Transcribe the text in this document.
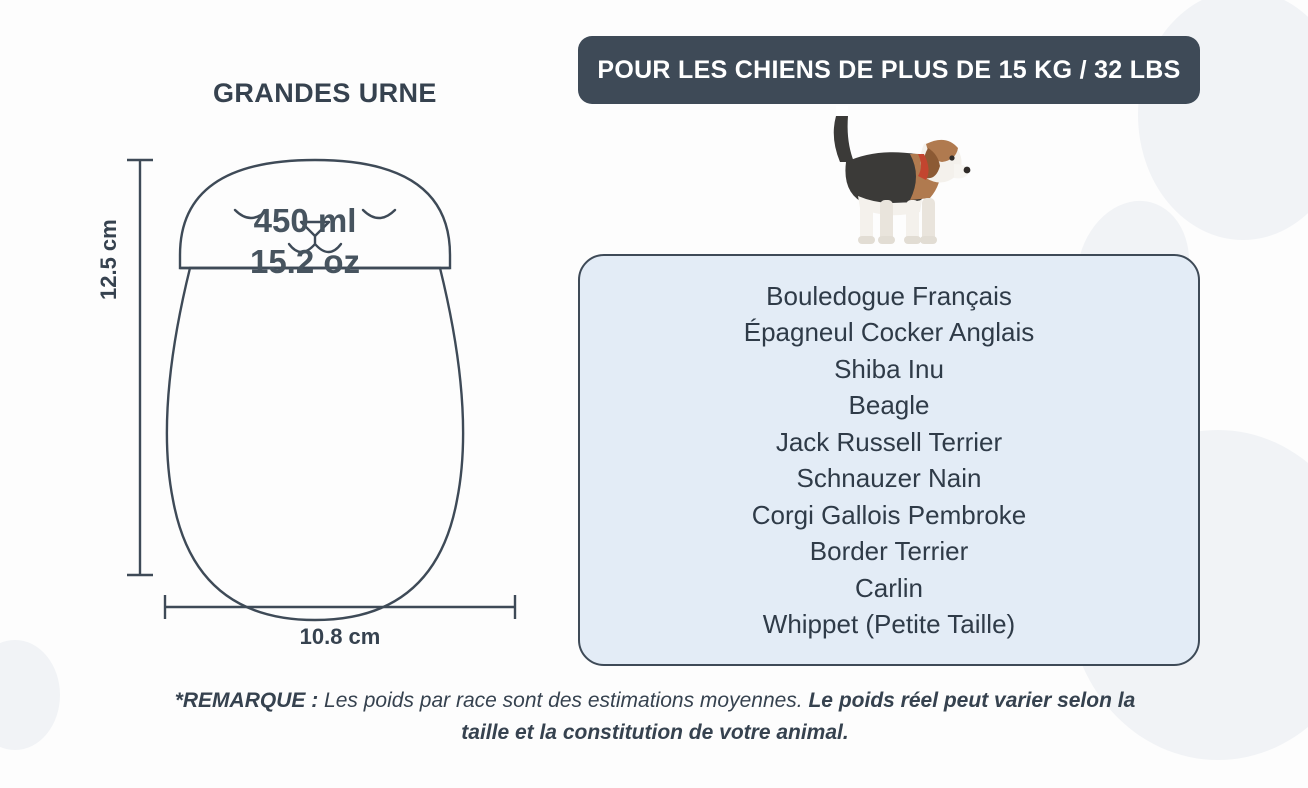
GRANDES URNE
450 ml
15.2 oz
12.5 cm
10.8 cm
POUR LES CHIENS DE PLUS DE 15 KG / 32 LBS
Bouledogue Français
Épagneul Cocker Anglais
Shiba Inu
Beagle
Jack Russell Terrier
Schnauzer Nain
Corgi Gallois Pembroke
Border Terrier
Carlin
Whippet (Petite Taille)
*REMARQUE : Les poids par race sont des estimations moyennes. Le poids réel peut varier selon la taille et la constitution de votre animal.
